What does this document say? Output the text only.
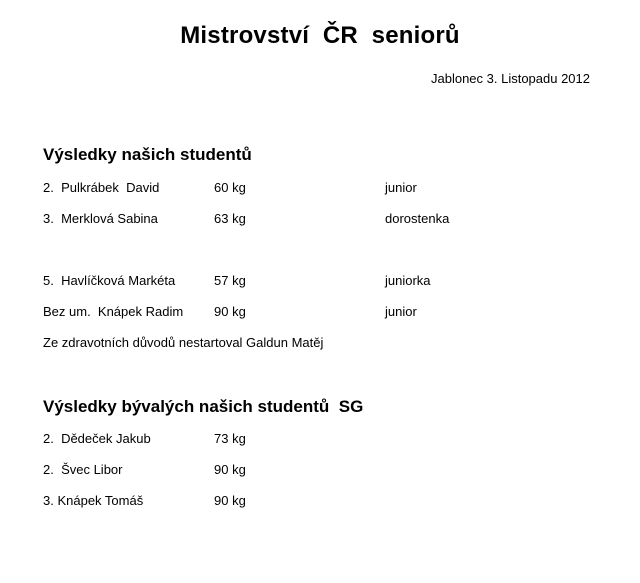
Mistrovství  ČR  seniorů
Jablonec 3. Listopadu 2012
Výsledky našich studentů
2.  Pulkrábek  David	60 kg	junior
3.  Merklová Sabina	63 kg	dorostenka
5.  Havlíčková Markéta	57 kg	juniorka
Bez um.  Knápek Radim 90 kg	junior
Ze zdravotních důvodů nestartoval Galdun Matěj
Výsledky bývalých našich studentů  SG
2.  Dědeček Jakub	73 kg
2.  Švec Libor	90 kg
3. Knápek Tomáš	90 kg
